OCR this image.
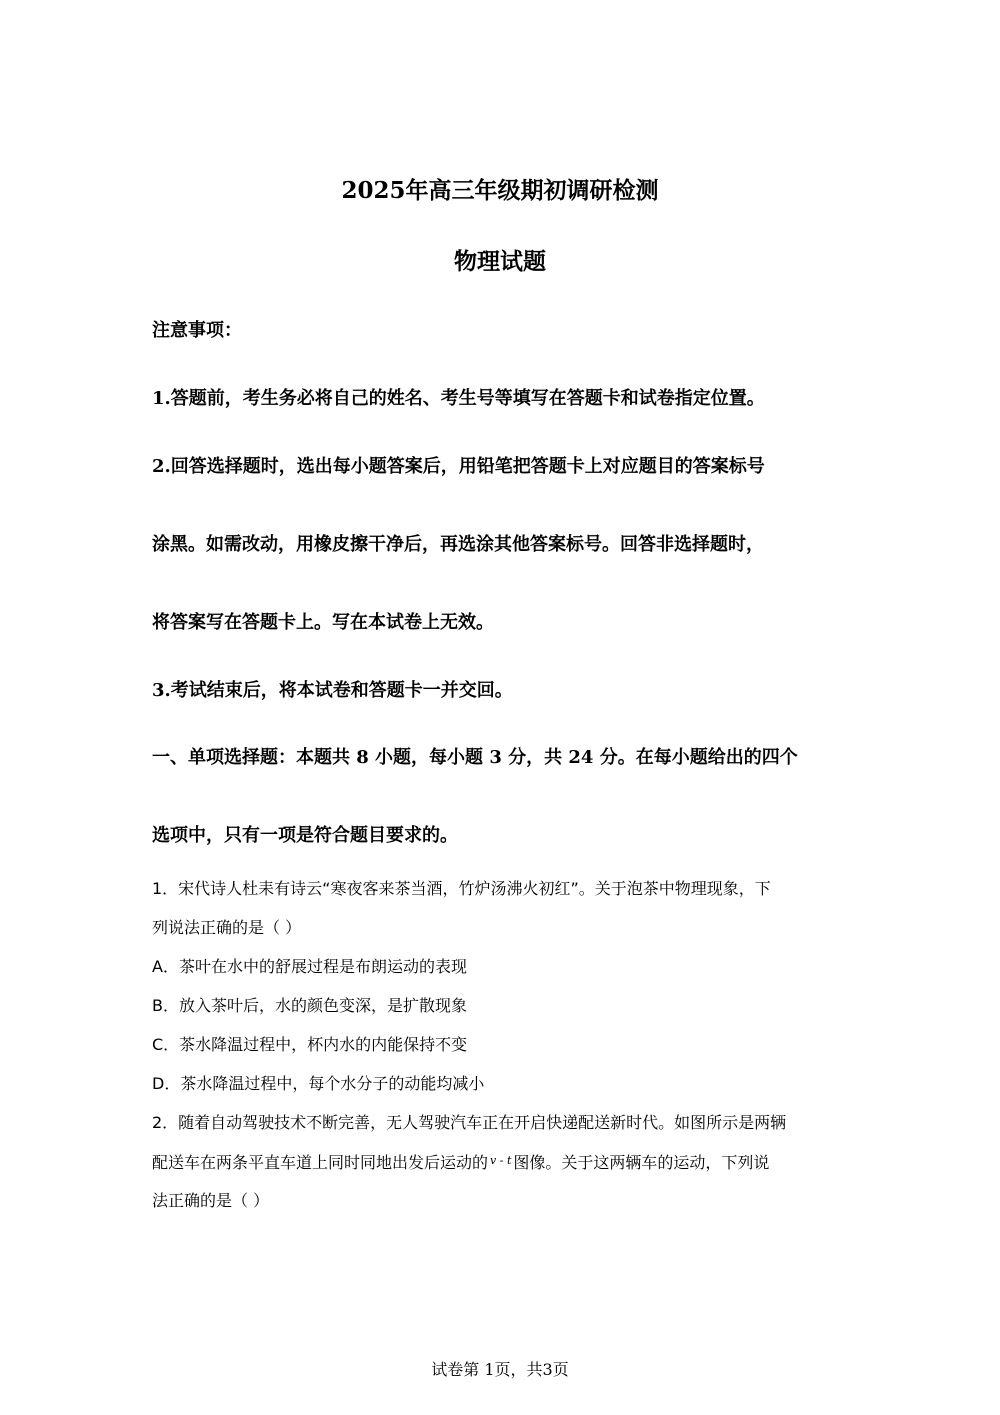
2025年高三年级期初调研检测
物理试题
注意事项：
1.答题前，考生务必将自己的姓名、考生号等填写在答题卡和试卷指定位置。
2.回答选择题时，选出每小题答案后，用铅笔把答题卡上对应题目的答案标号
涂黑。如需改动，用橡皮擦干净后，再选涂其他答案标号。回答非选择题时，
将答案写在答题卡上。写在本试卷上无效。
3.考试结束后，将本试卷和答题卡一并交回。
一、单项选择题：本题共 8 小题，每小题 3 分，共 24 分。在每小题给出的四个
选项中，只有一项是符合题目要求的。
1．宋代诗人杜耒有诗云“寒夜客来茶当酒，竹炉汤沸火初红”。关于泡茶中物理现象，下
列说法正确的是（ ）
A．茶叶在水中的舒展过程是布朗运动的表现
B．放入茶叶后，水的颜色变深，是扩散现象
C．茶水降温过程中，杯内水的内能保持不变
D．茶水降温过程中，每个水分子的动能均减小
2．随着自动驾驶技术不断完善，无人驾驶汽车正在开启快递配送新时代。如图所示是两辆
配送车在两条平直车道上同时同地出发后运动的 $^{v - t}$ 图像。关于这两辆车的运动，下列说
法正确的是（ ）
试卷第 1页，共3页
